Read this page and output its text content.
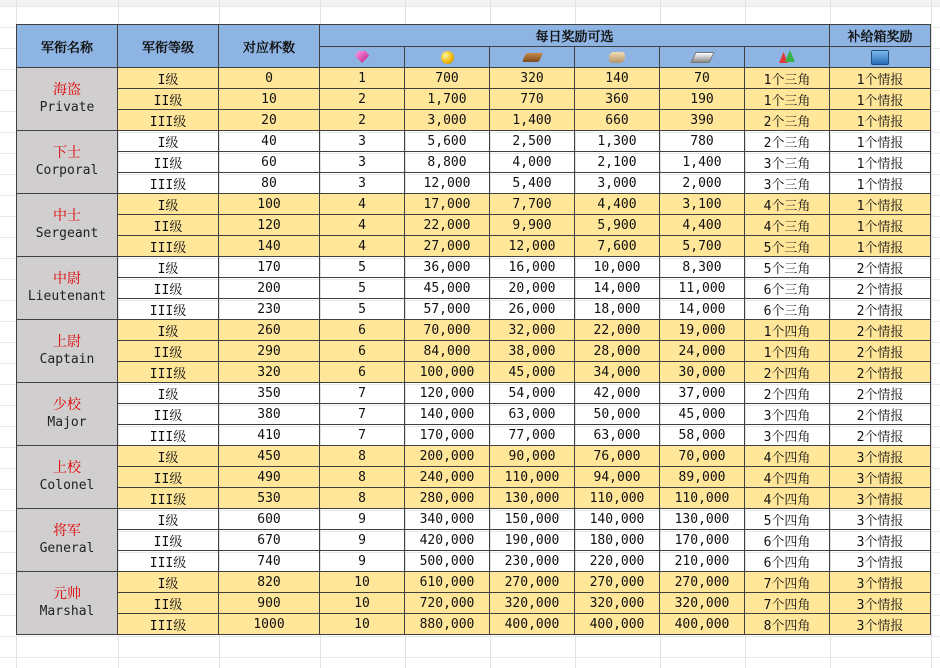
军衔名称	军衔等级	对应杯数	每日奖励可选						补给箱奖励

海盗
Private	I级	0	1	700	320	140	70	1个三角	1个情报
	II级	10	2	1,700	770	360	190	1个三角	1个情报
	III级	20	2	3,000	1,400	660	390	2个三角	1个情报

下士
Corporal	I级	40	3	5,600	2,500	1,300	780	2个三角	1个情报
	II级	60	3	8,800	4,000	2,100	1,400	3个三角	1个情报
	III级	80	3	12,000	5,400	3,000	2,000	3个三角	1个情报

中士
Sergeant	I级	100	4	17,000	7,700	4,400	3,100	4个三角	1个情报
	II级	120	4	22,000	9,900	5,900	4,400	4个三角	1个情报
	III级	140	4	27,000	12,000	7,600	5,700	5个三角	1个情报

中尉
Lieutenant	I级	170	5	36,000	16,000	10,000	8,300	5个三角	2个情报
	II级	200	5	45,000	20,000	14,000	11,000	6个三角	2个情报
	III级	230	5	57,000	26,000	18,000	14,000	6个三角	2个情报

上尉
Captain	I级	260	6	70,000	32,000	22,000	19,000	1个四角	2个情报
	II级	290	6	84,000	38,000	28,000	24,000	1个四角	2个情报
	III级	320	6	100,000	45,000	34,000	30,000	2个四角	2个情报

少校
Major	I级	350	7	120,000	54,000	42,000	37,000	2个四角	2个情报
	II级	380	7	140,000	63,000	50,000	45,000	3个四角	2个情报
	III级	410	7	170,000	77,000	63,000	58,000	3个四角	2个情报

上校
Colonel	I级	450	8	200,000	90,000	76,000	70,000	4个四角	3个情报
	II级	490	8	240,000	110,000	94,000	89,000	4个四角	3个情报
	III级	530	8	280,000	130,000	110,000	110,000	4个四角	3个情报

将军
General	I级	600	9	340,000	150,000	140,000	130,000	5个四角	3个情报
	II级	670	9	420,000	190,000	180,000	170,000	6个四角	3个情报
	III级	740	9	500,000	230,000	220,000	210,000	6个四角	3个情报

元帅
Marshal	I级	820	10	610,000	270,000	270,000	270,000	7个四角	3个情报
	II级	900	10	720,000	320,000	320,000	320,000	7个四角	3个情报
	III级	1000	10	880,000	400,000	400,000	400,000	8个四角	3个情报
